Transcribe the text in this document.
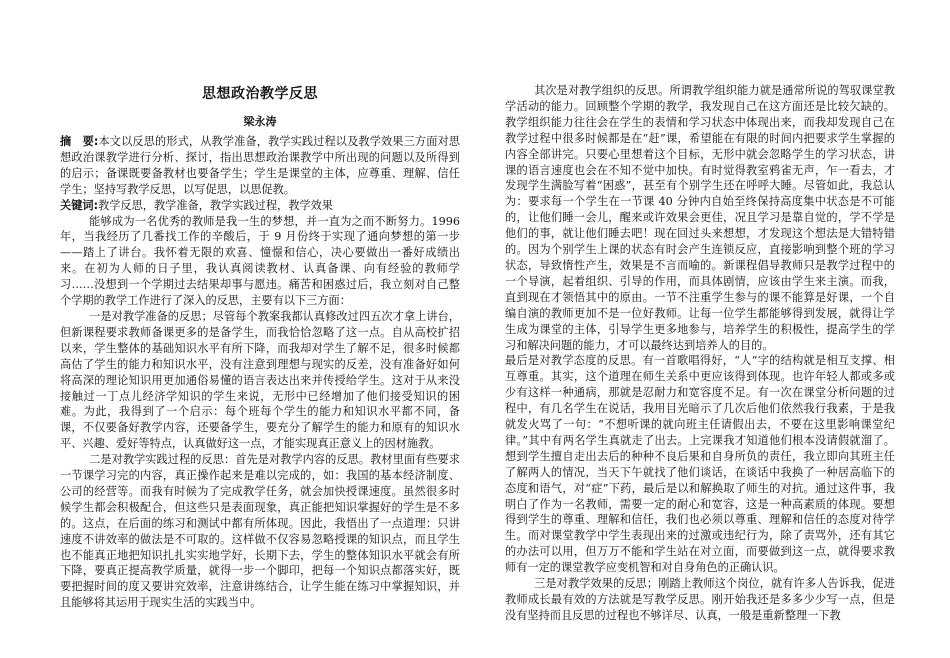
思想政治教学反思
梁永涛

摘　要:本文以反思的形式，从教学准备，教学实践过程以及教学效果三方面对思想政治课教学进行分析、探讨，指出思想政治课教学中所出现的问题以及所得到的启示；备课既要备教材也要备学生；学生是课堂的主体，应尊重、理解、信任学生；坚持写教学反思，以写促思，以思促教。

关键词:教学反思，教学准备，教学实践过程，教学效果

能够成为一名优秀的教师是我一生的梦想，并一直为之而不断努力。1996 年，当我经历了几番找工作的辛酸后，于 9 月份终于实现了通向梦想的第一步——踏上了讲台。我怀着无限的欢喜、憧憬和信心，决心要做出一番好成绩出来。在初为人师的日子里，我认真阅读教材、认真备课、向有经验的教师学习……没想到一个学期过去结果却事与愿违。痛苦和困惑过后，我立刻对自己整个学期的教学工作进行了深入的反思，主要有以下三方面：

一是对教学准备的反思；尽管每个教案我都认真修改过四五次才拿上讲台，但新课程要求教师备课更多的是备学生，而我恰恰忽略了这一点。自从高校扩招以来，学生整体的基础知识水平有所下降，而我却对学生了解不足，很多时候都高估了学生的能力和知识水平，没有注意到理想与现实的反差，没有准备好如何将高深的理论知识用更加通俗易懂的语言表达出来并传授给学生。这对于从来没接触过一丁点儿经济学知识的学生来说，无形中已经增加了他们接受知识的困难。为此，我得到了一个启示：每个班每个学生的能力和知识水平都不同，备课，不仅要备好教学内容，还要备学生，要充分了解学生的能力和原有的知识水平、兴趣、爱好等特点，认真做好这一点，才能实现真正意义上的因材施教。

二是对教学实践过程的反思：首先是对教学内容的反思。教材里面有些要求一节课学习完的内容，真正操作起来是难以完成的，如：我国的基本经济制度、公司的经营等。而我有时候为了完成教学任务，就会加快授课速度。虽然很多时候学生都会积极配合，但这些只是表面现象，真正能把知识掌握好的学生是不多的。这点，在后面的练习和测试中都有所体现。因此，我悟出了一点道理：只讲速度不讲效率的做法是不可取的。这样做不仅容易忽略授课的知识点，而且学生也不能真正地把知识扎扎实实地学好，长期下去，学生的整体知识水平就会有所下降，要真正提高教学质量，就得一步一个脚印，把每一个知识点都落实好，既要把握时间的度又要讲究效率，注意讲练结合，让学生能在练习中掌握知识，并且能够将其运用于现实生活的实践当中。

其次是对教学组织的反思。所谓教学组织能力就是通常所说的驾驭课堂教学活动的能力。回顾整个学期的教学，我发现自己在这方面还是比较欠缺的。教学组织能力往往会在学生的表情和学习状态中体现出来，而我却发现自己在教学过程中很多时候都是在“赶”课，希望能在有限的时间内把要求学生掌握的内容全部讲完。只要心里想着这个目标，无形中就会忽略学生的学习状态，讲课的语言速度也会在不知不觉中加快。有时觉得教室鸦雀无声，乍一看去，才发现学生满脸写着“困惑”，甚至有个别学生还在呼呼大睡。尽管如此，我总认为：要求每一个学生在一节课 40 分钟内自始至终保持高度集中状态是不可能的，让他们睡一会儿，醒来或许效果会更佳，况且学习是靠自觉的，学不学是他们的事，就让他们睡去吧！现在回过头来想想，才发现这个想法是大错特错的。因为个别学生上课的状态有时会产生连锁反应，直接影响到整个班的学习状态，导致惰性产生，效果是不言而喻的。新课程倡导教师只是教学过程中的一个导演，起着组织、引导的作用，而具体剧情，应该由学生来主演。而我，直到现在才领悟其中的原由。一节不注重学生参与的课不能算是好课，一个自编自演的教师更加不是一位好教师。让每一位学生都能够得到发展，就得让学生成为课堂的主体，引导学生更多地参与，培养学生的积极性，提高学生的学习和解决问题的能力，才可以最终达到培养人的目的。

最后是对教学态度的反思。有一首歌唱得好，“人”字的结构就是相互支撑、相互尊重。其实，这个道理在师生关系中更应该得到体现。也许年轻人都或多或少有这样一种通病，那就是忍耐力和宽容度不足。有一次在课堂分析问题的过程中，有几名学生在说话，我用目光暗示了几次后他们依然我行我素，于是我就发火骂了一句：“不想听课的就向班主任请假出去，不要在这里影响课堂纪律。”其中有两名学生真就走了出去。上完课我才知道他们根本没请假就溜了。想到学生擅自走出去后的种种不良后果和自身所负的责任，我立即向其班主任了解两人的情况，当天下午就找了他们谈话，在谈话中我换了一种居高临下的态度和语气，对“症”下药，最后是以和解换取了师生的对抗。通过这件事，我明白了作为一名教师，需要一定的耐心和宽容，这是一种高素质的体现。要想得到学生的尊重、理解和信任，我们也必须以尊重、理解和信任的态度对待学生。而对课堂教学中学生表现出来的过激或违纪行为，除了责骂外，还有其它的办法可以用，但万万不能和学生站在对立面，而要做到这一点，就得要求教师有一定的课堂教学应变机智和对自身角色的正确认识。

三是对教学效果的反思；刚踏上教师这个岗位，就有许多人告诉我，促进教师成长最有效的方法就是写教学反思。刚开始我还是多多少少写一点，但是没有坚持而且反思的过程也不够详尽、认真，一般是重新整理一下教
